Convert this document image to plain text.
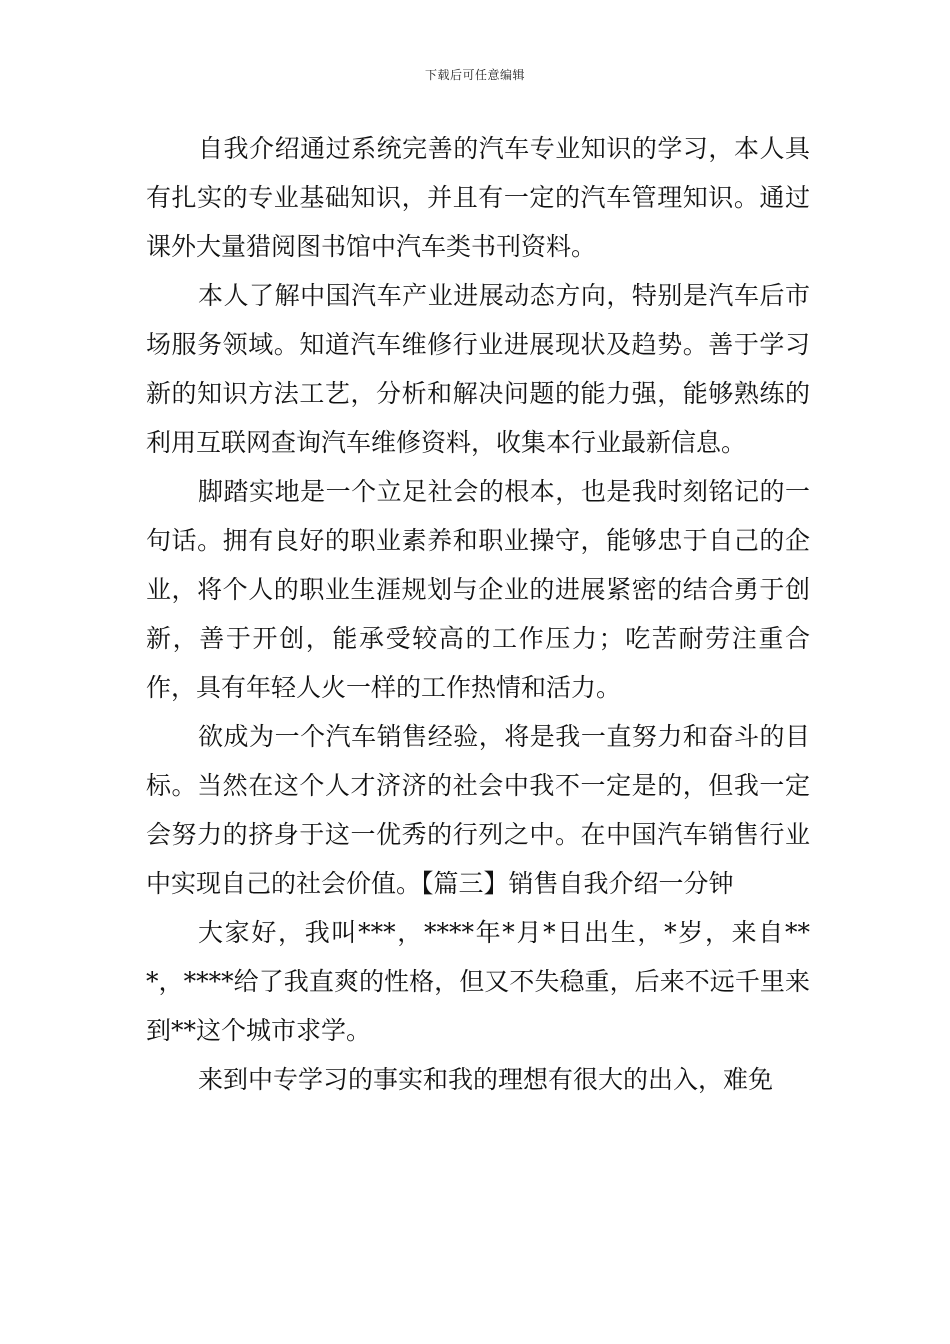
下载后可任意编辑

自我介绍通过系统完善的汽车专业知识的学习，本人具有扎实的专业基础知识，并且有一定的汽车管理知识。通过课外大量猎阅图书馆中汽车类书刊资料。

本人了解中国汽车产业进展动态方向，特别是汽车后市场服务领域。知道汽车维修行业进展现状及趋势。善于学习新的知识方法工艺，分析和解决问题的能力强，能够熟练的利用互联网查询汽车维修资料，收集本行业最新信息。

脚踏实地是一个立足社会的根本，也是我时刻铭记的一句话。拥有良好的职业素养和职业操守，能够忠于自己的企业，将个人的职业生涯规划与企业的进展紧密的结合勇于创新，善于开创，能承受较高的工作压力；吃苦耐劳注重合作，具有年轻人火一样的工作热情和活力。

欲成为一个汽车销售经验，将是我一直努力和奋斗的目标。当然在这个人才济济的社会中我不一定是的，但我一定会努力的挤身于这一优秀的行列之中。在中国汽车销售行业中实现自己的社会价值。【篇三】销售自我介绍一分钟

大家好，我叫***，****年*月*日出生，*岁，来自***，****给了我直爽的性格，但又不失稳重，后来不远千里来到**这个城市求学。

来到中专学习的事实和我的理想有很大的出入，难免
